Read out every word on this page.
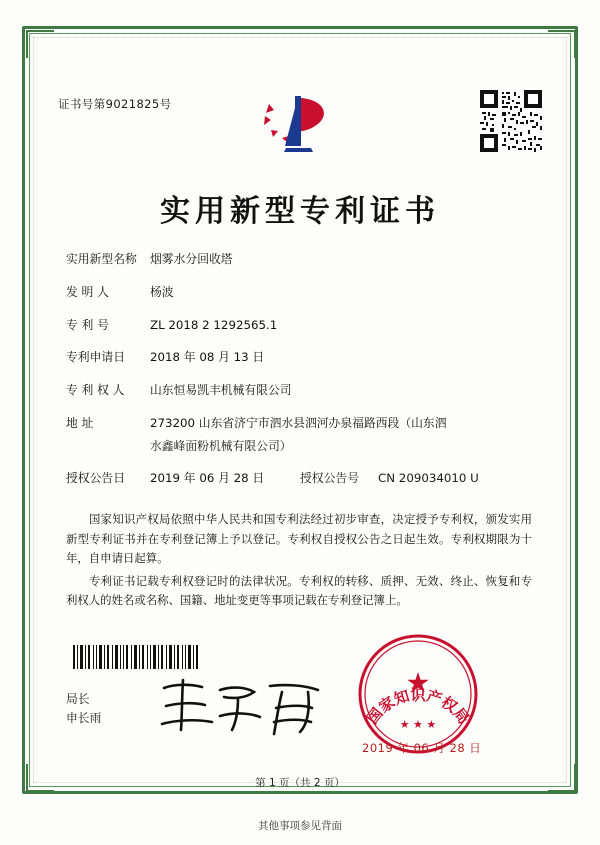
证书号第9021825号
实用新型专利证书
实用新型名称	烟雾水分回收塔
发 明 人	杨波
专 利 号	ZL 2018 2 1292565.1
专利申请日	2018 年 08 月 13 日
专 利 权 人	山东恒易凯丰机械有限公司
地 址	273200 山东省济宁市泗水县泗河办泉福路西段（山东泗
水鑫峰面粉机械有限公司）
授权公告日	2019 年 06 月 28 日	授权公告号	CN 209034010 U
国家知识产权局依照中华人民共和国专利法经过初步审查，决定授予专利权，颁发实用新型专利证书并在专利登记簿上予以登记。专利权自授权公告之日起生效。专利权期限为十年，自申请日起算。
专利证书记载专利权登记时的法律状况。专利权的转移、质押、无效、终止、恢复和专利权人的姓名或名称、国籍、地址变更等事项记载在专利登记簿上。
国家知识产权局
★ ★ ★
局长
申长雨
2019 年 06 月 28 日
第 1 页（共 2 页）
其他事项参见背面
